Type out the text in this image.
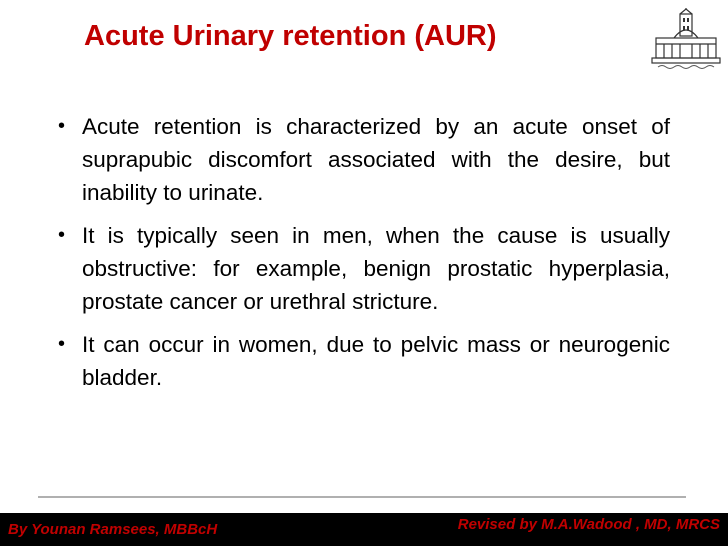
Acute Urinary retention (AUR)
• Acute retention is characterized by an acute onset of suprapubic discomfort associated with the desire, but inability to urinate.
• It is typically seen in men, when the cause is usually obstructive: for example, benign prostatic hyperplasia, prostate cancer or urethral stricture.
• It can occur in women, due to pelvic mass or neurogenic bladder.
By Younan Ramsees, MBBcH	Revised by M.A.Wadood , MD, MRCS
